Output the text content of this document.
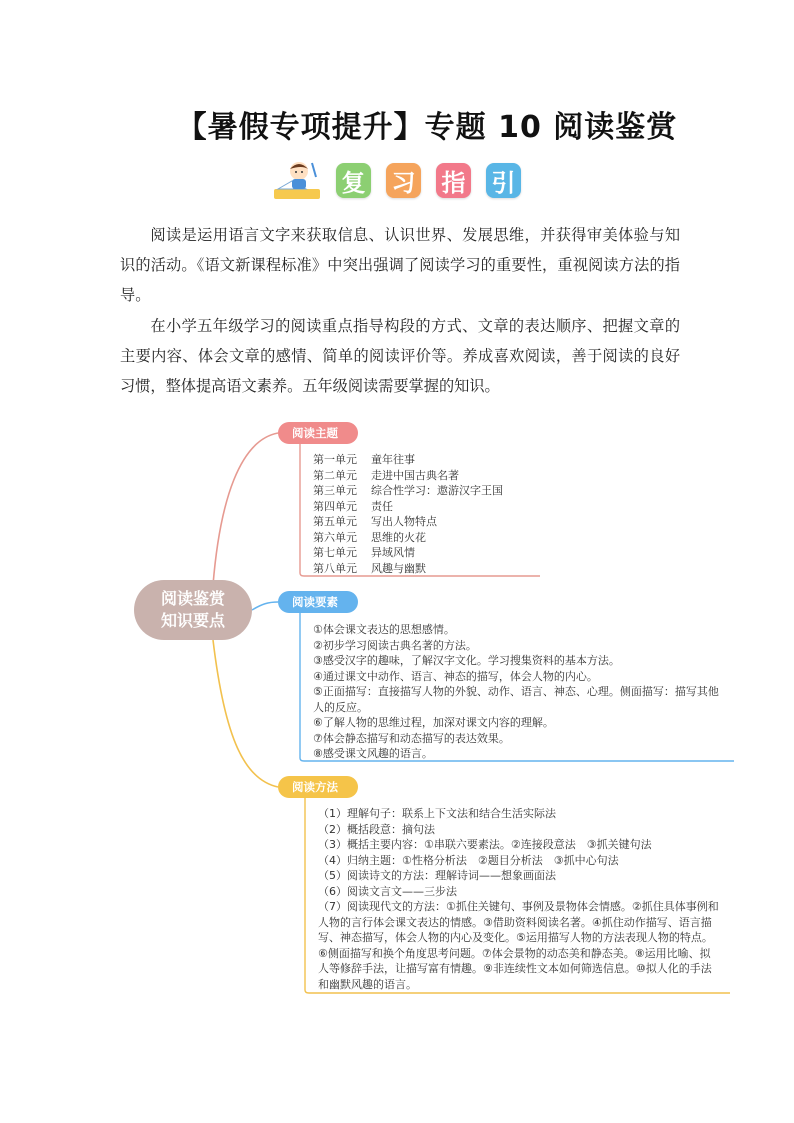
【暑假专项提升】专题 10 阅读鉴赏
复 习 指 引

阅读是运用语言文字来获取信息、认识世界、发展思维，并获得审美体验与知识的活动。《语文新课程标准》中突出强调了阅读学习的重要性，重视阅读方法的指导。

在小学五年级学习的阅读重点指导构段的方式、文章的表达顺序、把握文章的主要内容、体会文章的感情、简单的阅读评价等。养成喜欢阅读，善于阅读的良好习惯，整体提高语文素养。五年级阅读需要掌握的知识。

阅读鉴赏
知识要点
阅读主题
阅读要素
阅读方法
第一单元	童年往事
第二单元	走进中国古典名著
第三单元	综合性学习：遨游汉字王国
第四单元	责任
第五单元	写出人物特点
第六单元	思维的火花
第七单元	异域风情
第八单元	风趣与幽默
①体会课文表达的思想感情。
②初步学习阅读古典名著的方法。
③感受汉字的趣味，了解汉字文化。学习搜集资料的基本方法。
④通过课文中动作、语言、神态的描写，体会人物的内心。
⑤正面描写：直接描写人物的外貌、动作、语言、神态、心理。侧面描写：描写其他人的反应。
⑥了解人物的思维过程，加深对课文内容的理解。
⑦体会静态描写和动态描写的表达效果。
⑧感受课文风趣的语言。
（1）理解句子：联系上下文法和结合生活实际法
（2）概括段意：摘句法
（3）概括主要内容：①串联六要素法。②连接段意法　③抓关键句法
（4）归纳主题：①性格分析法　②题目分析法　③抓中心句法
（5）阅读诗文的方法：理解诗词——想象画面法
（6）阅读文言文——三步法
（7）阅读现代文的方法：①抓住关键句、事例及景物体会情感。②抓住具体事例和人物的言行体会课文表达的情感。③借助资料阅读名著。④抓住动作描写、语言描写、神态描写，体会人物的内心及变化。⑤运用描写人物的方法表现人物的特点。⑥侧面描写和换个角度思考问题。⑦体会景物的动态美和静态美。⑧运用比喻、拟人等修辞手法，让描写富有情趣。⑨非连续性文本如何筛选信息。⑩拟人化的手法和幽默风趣的语言。
